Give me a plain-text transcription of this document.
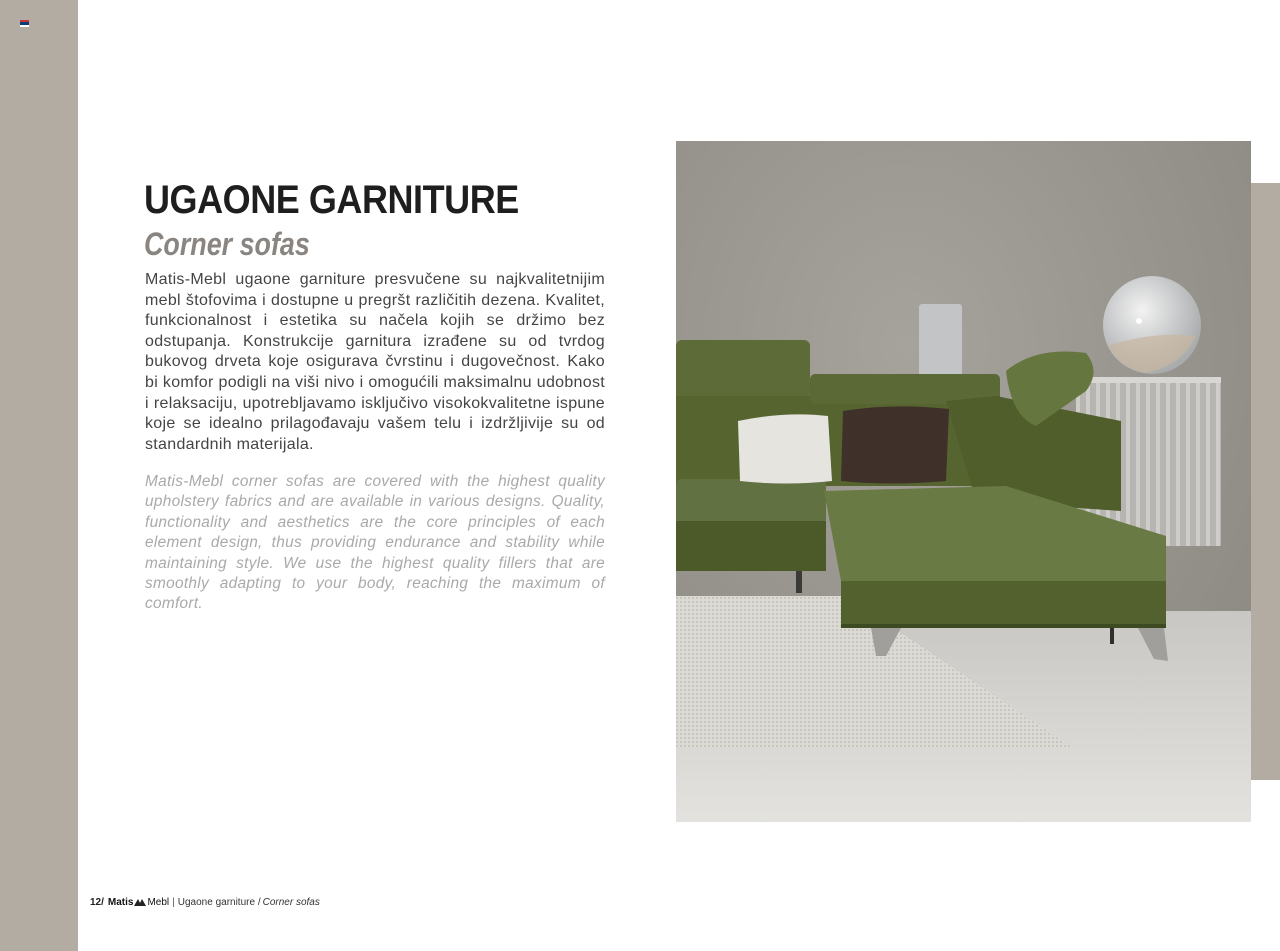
UGAONE GARNITURE
Corner sofas

Matis-Mebl ugaone garniture presvučene su najkvalitetnijim mebl štofovima i dostupne u pregršt različitih dezena. Kvalitet, funkcionalnost i estetika su načela kojih se držimo bez odstupanja. Konstrukcije garnitura izrađene su od tvrdog bukovog drveta koje osigurava čvrstinu i dugovečnost. Kako bi komfor podigli na viši nivo i omogućili maksimalnu udobnost i relaksaciju, upotrebljavamo isključivo visokokvalitetne ispune koje se idealno prilagođavaju vašem telu i izdržljivije su od standardnih materijala.

Matis-Mebl corner sofas are covered with the highest quality upholstery fabrics and are available in various designs. Quality, functionality and aesthetics are the core principles of each element design, thus providing endurance and stability while maintaining style. We use the highest quality fillers that are smoothly adapting to your body, reaching the maximum of comfort.

12/ Matis Mebl | Ugaone garniture / Corner sofas
